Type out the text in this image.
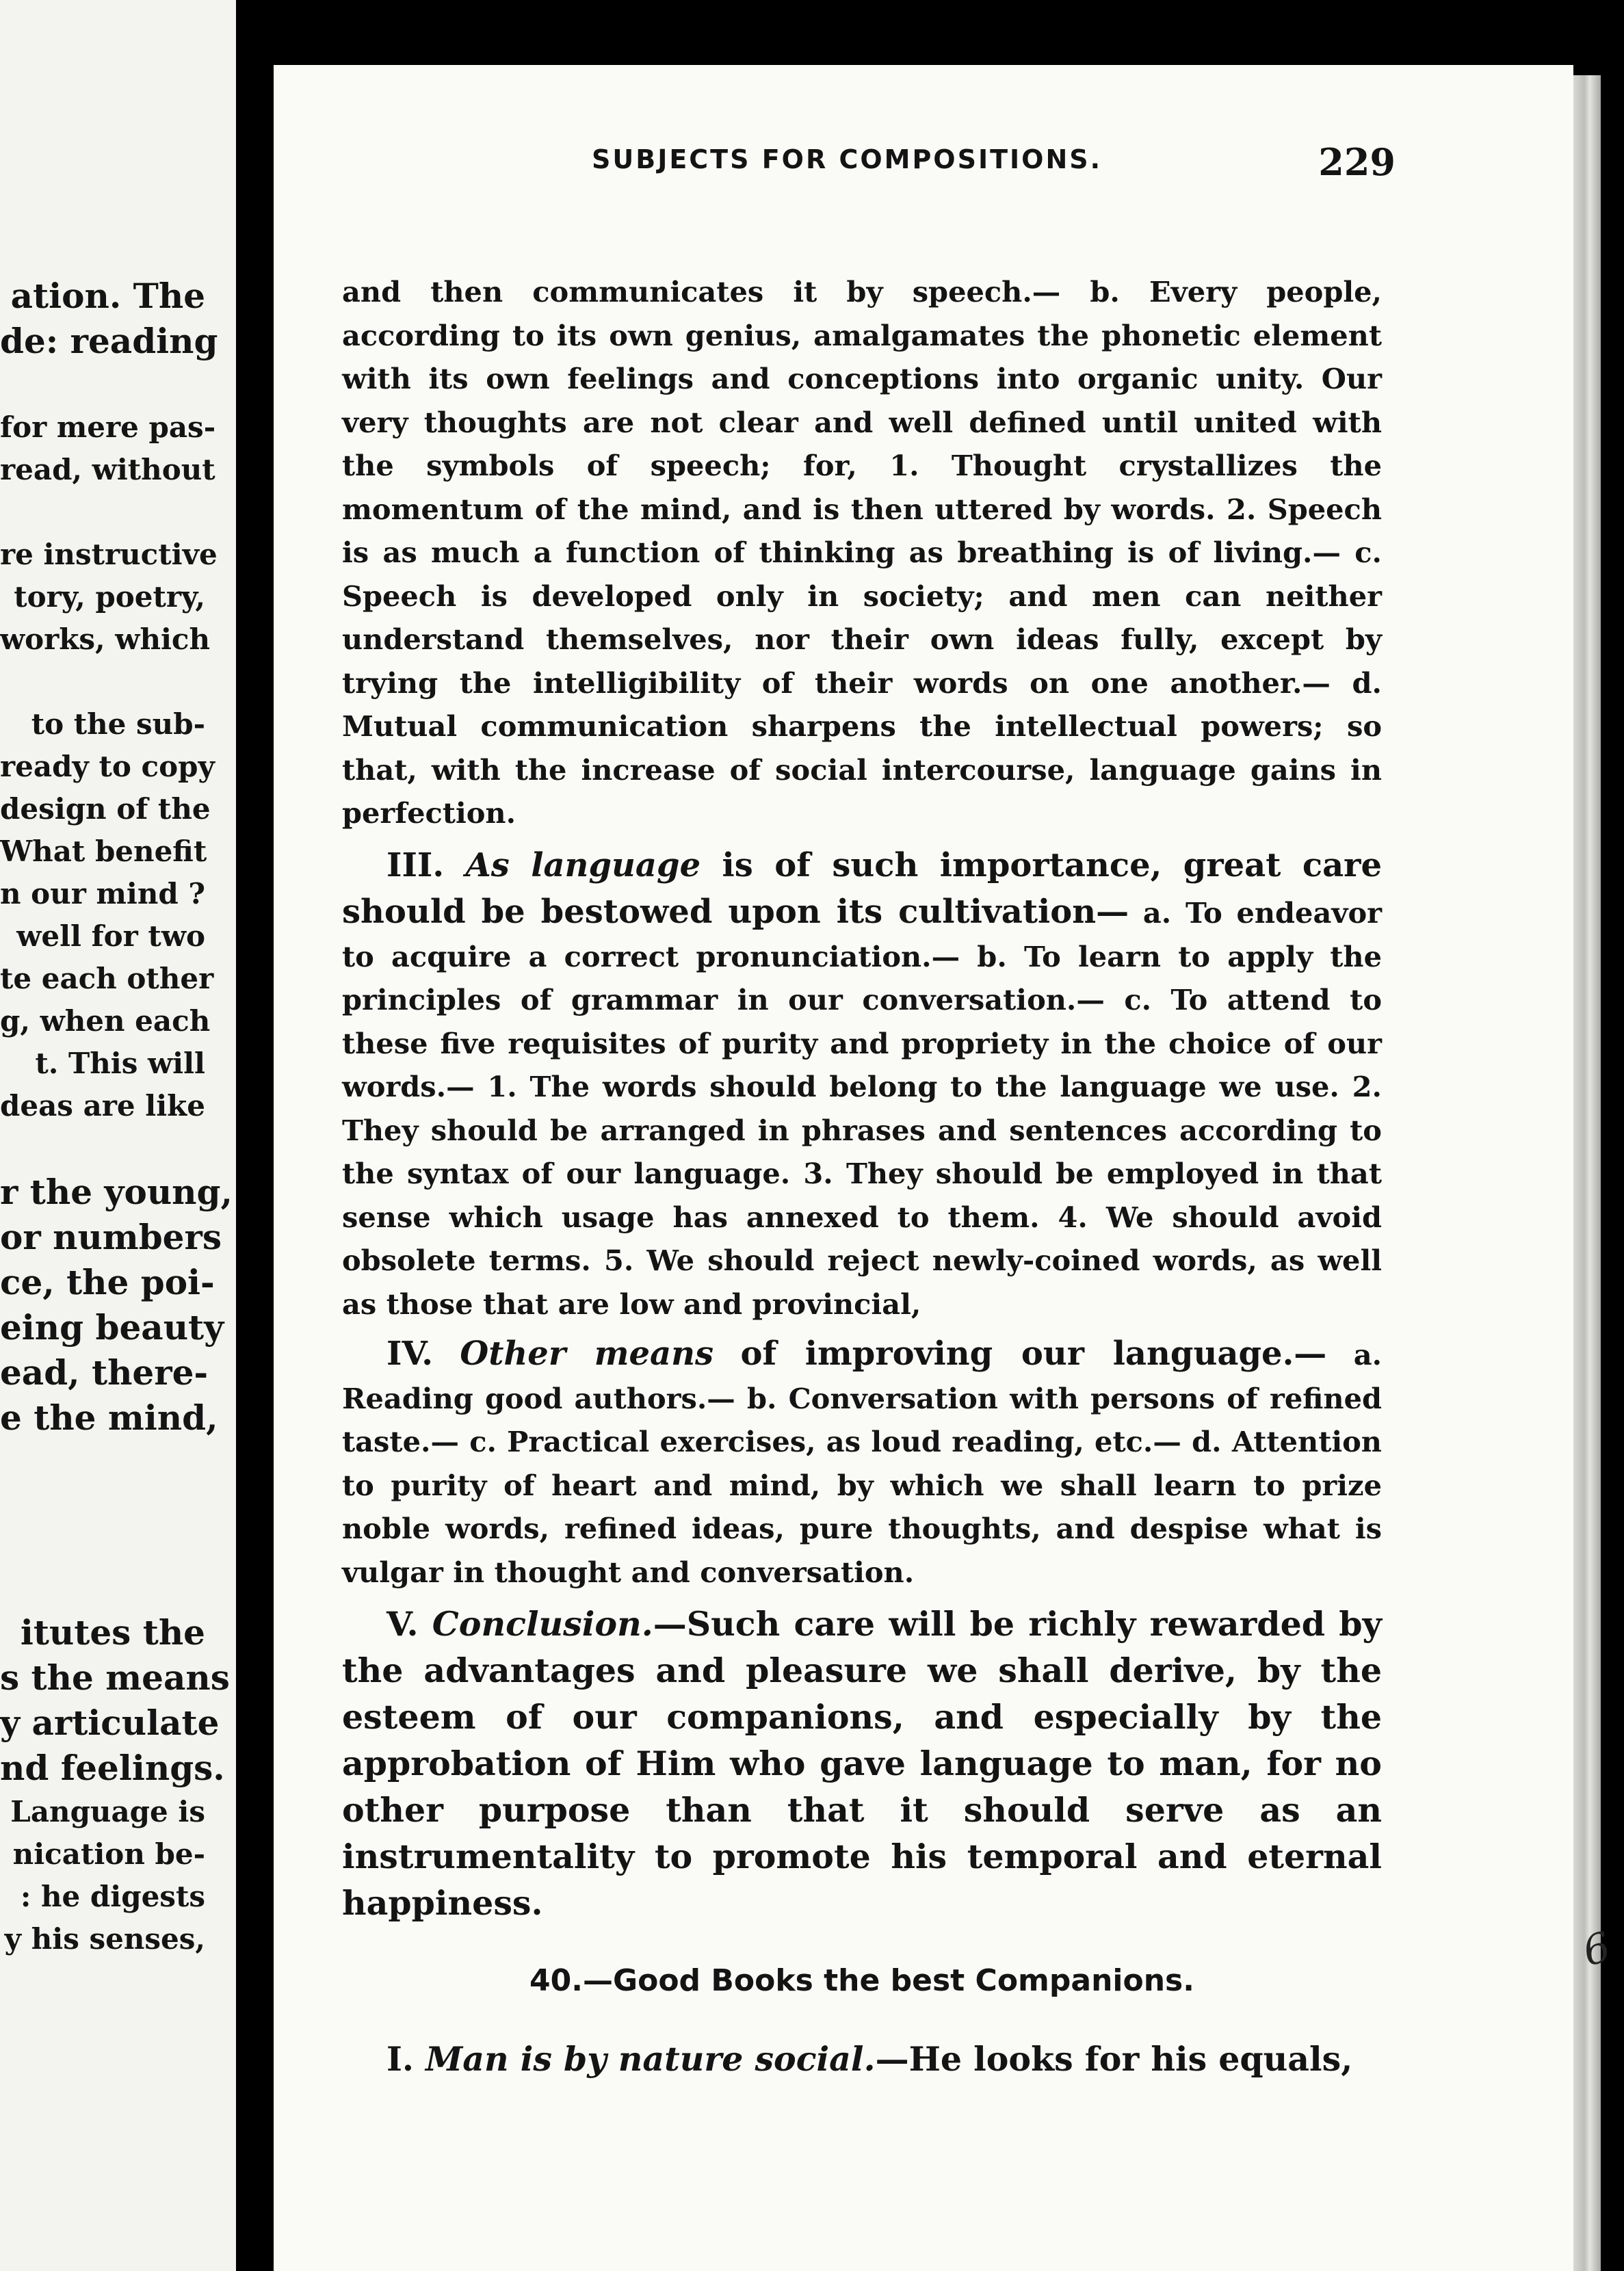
ation. The
de: reading

for mere pas-
read, without

re instructive
tory, poetry,
works, which

to the sub-
ready to copy
design of the
What benefit
n our mind ?
well for two
te each other
g, when each
t. This will
deas are like

r the young,
or numbers
ce, the poi-
eing beauty
ead, there-
e the mind,

itutes the
s the means
y articulate
nd feelings.
Language is
nication be-
: he digests
y his senses,
SUBJECTS FOR COMPOSITIONS.	229

and then communicates it by speech.— b. Every people, according to its own genius, amalgamates the phonetic element with its own feelings and conceptions into organic unity. Our very thoughts are not clear and well defined until united with the symbols of speech; for, 1. Thought crystallizes the momentum of the mind, and is then uttered by words. 2. Speech is as much a function of thinking as breathing is of living.— c. Speech is developed only in society; and men can neither understand themselves, nor their own ideas fully, except by trying the intelligibility of their words on one another.— d. Mutual communication sharpens the intellectual powers; so that, with the increase of social intercourse, language gains in perfection.

III. As language is of such importance, great care should be bestowed upon its cultivation— a. To endeavor to acquire a correct pronunciation.— b. To learn to apply the principles of grammar in our conversation.— c. To attend to these five requisites of purity and propriety in the choice of our words.— 1. The words should belong to the language we use. 2. They should be arranged in phrases and sentences according to the syntax of our language. 3. They should be employed in that sense which usage has annexed to them. 4. We should avoid obsolete terms. 5. We should reject newly-coined words, as well as those that are low and provincial,

IV. Other means of improving our language.— a. Reading good authors.— b. Conversation with persons of refined taste.— c. Practical exercises, as loud reading, etc.— d. Attention to purity of heart and mind, by which we shall learn to prize noble words, refined ideas, pure thoughts, and despise what is vulgar in thought and conversation.

V. Conclusion.—Such care will be richly rewarded by the advantages and pleasure we shall derive, by the esteem of our companions, and especially by the approbation of Him who gave language to man, for no other purpose than that it should serve as an instrumentality to promote his temporal and eternal happiness.

40.—Good Books the best Companions.

I. Man is by nature social.—He looks for his equals,

6
